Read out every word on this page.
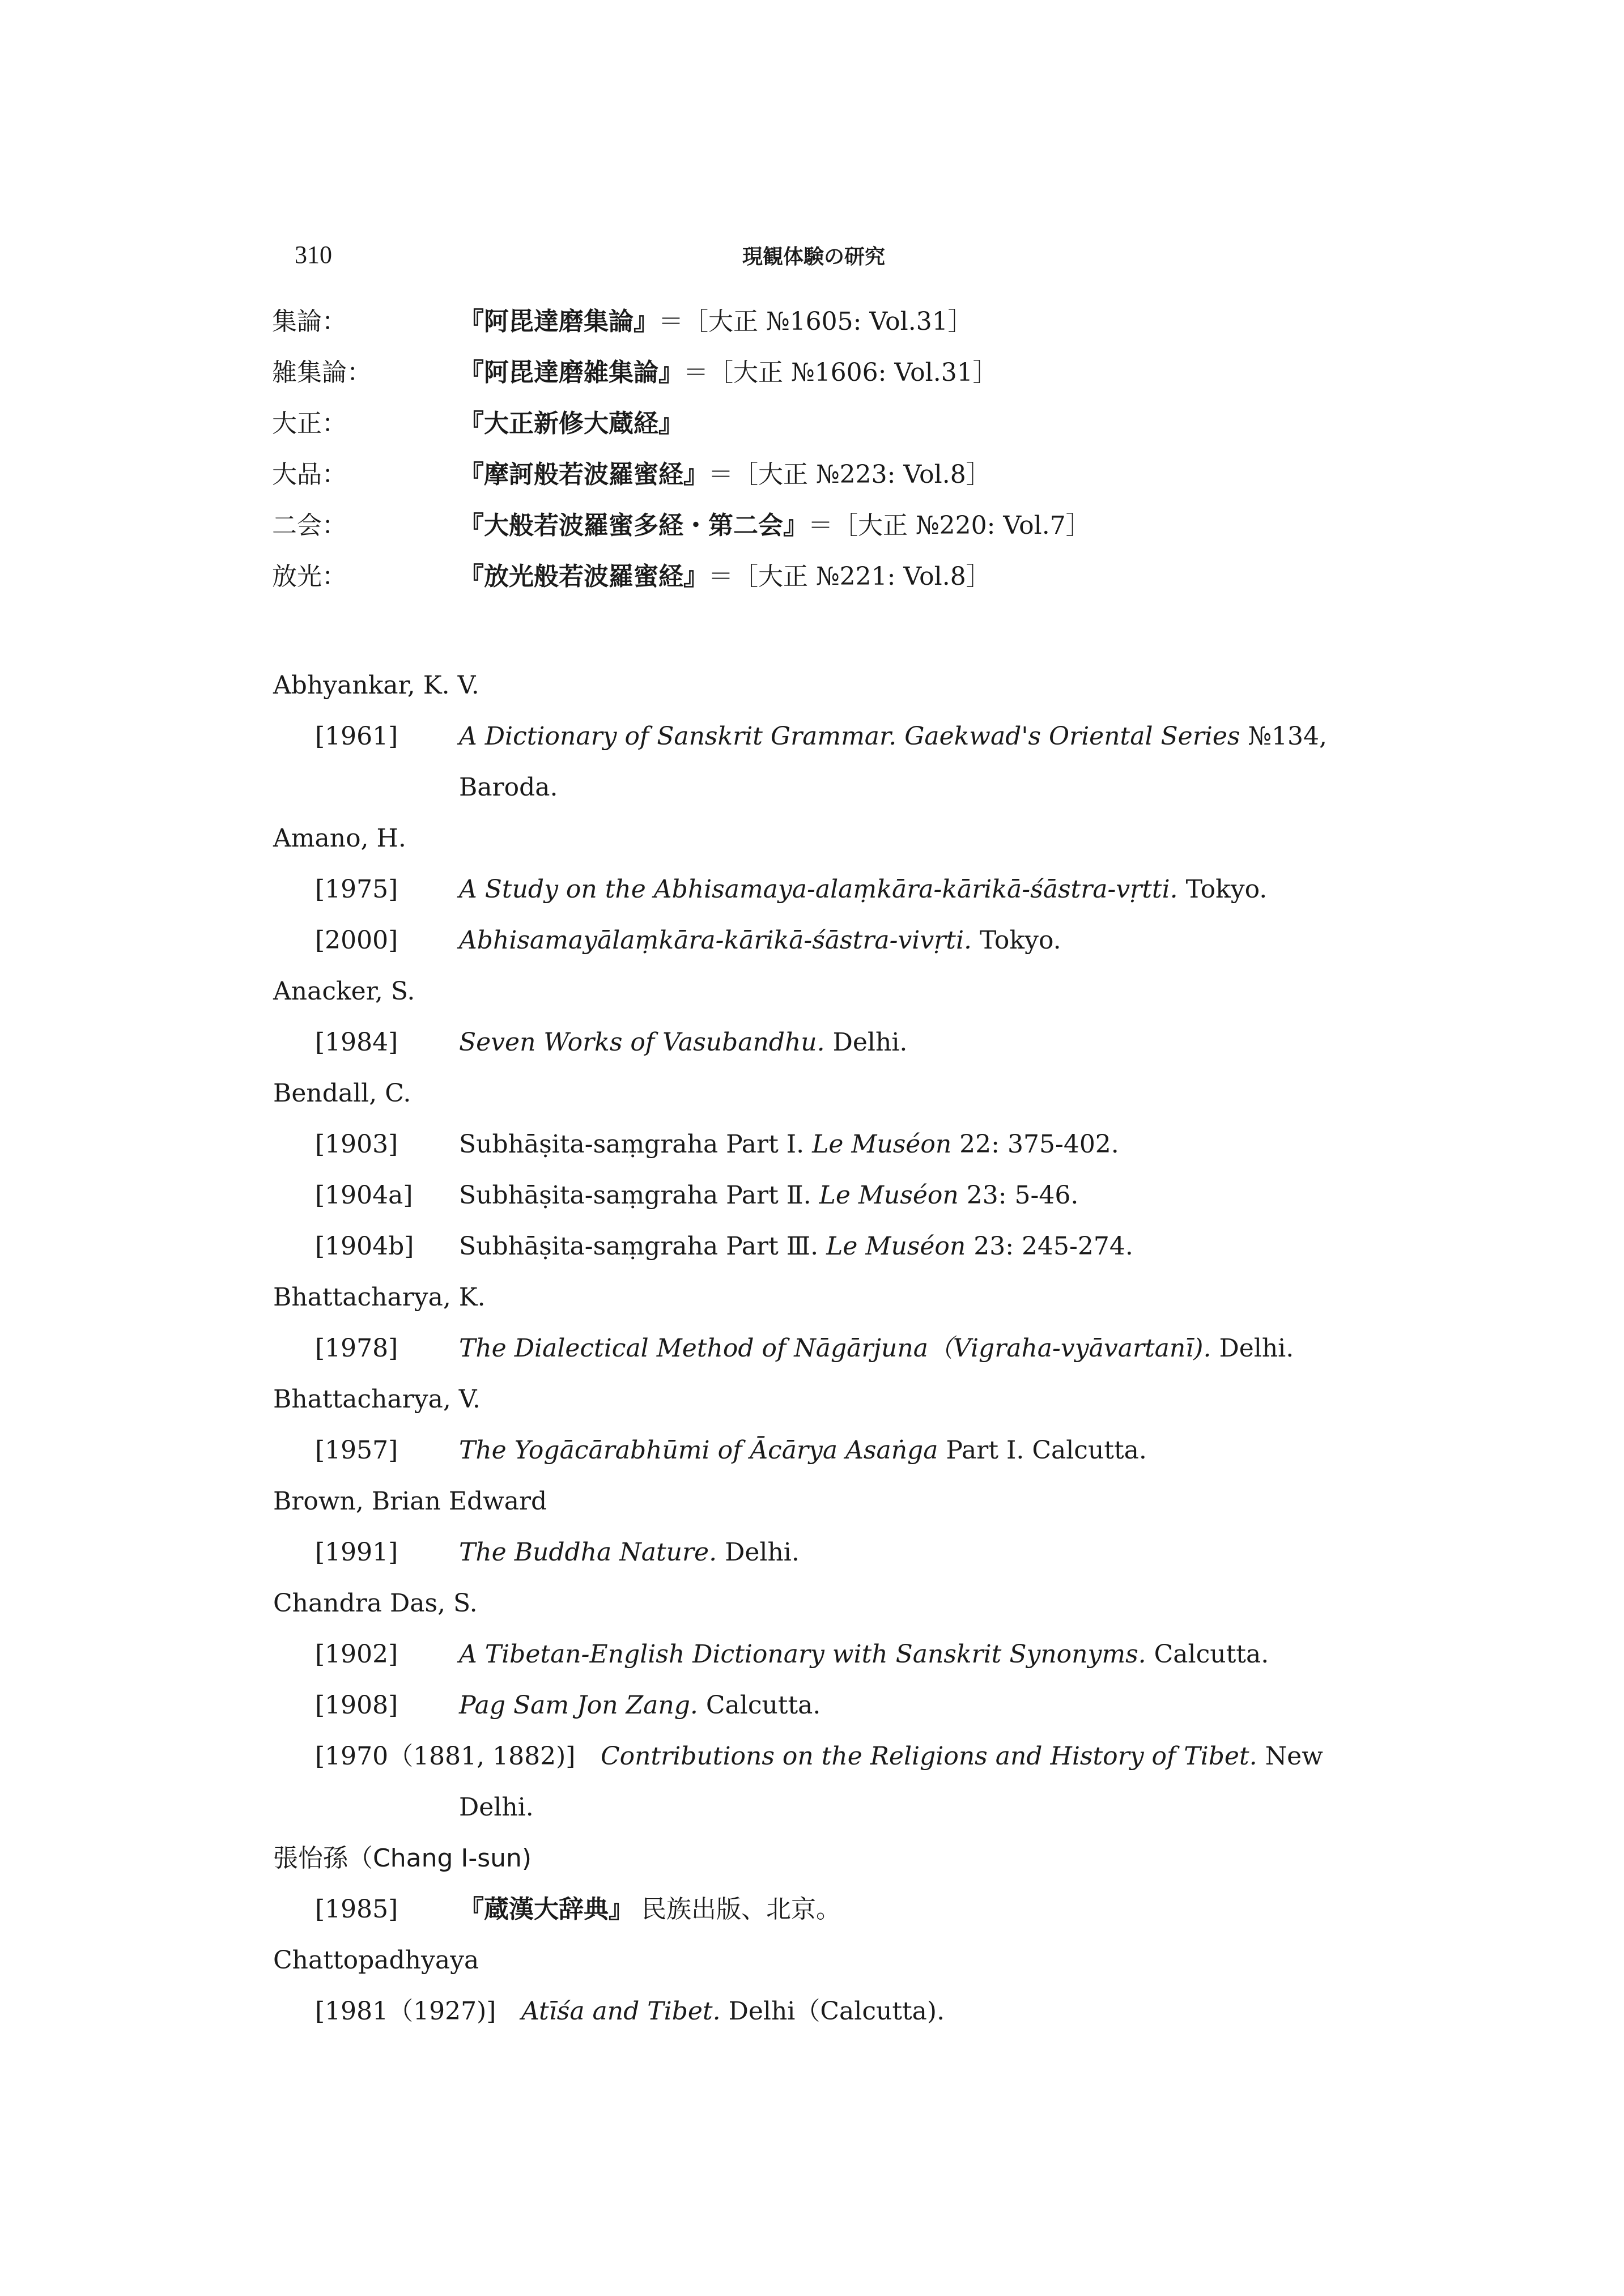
310	現観体験の研究
集論：	『阿毘達磨集論』＝［大正 №1605: Vol.31］
雑集論：	『阿毘達磨雑集論』＝［大正 №1606: Vol.31］
大正：	『大正新修大蔵経』
大品：	『摩訶般若波羅蜜経』＝［大正 №223: Vol.8］
二会：	『大般若波羅蜜多経・第二会』＝［大正 №220: Vol.7］
放光：	『放光般若波羅蜜経』＝［大正 №221: Vol.8］
Abhyankar, K. V.
[1961] A Dictionary of Sanskrit Grammar. Gaekwad's Oriental Series №134,
Baroda.
Amano, H.
[1975] A Study on the Abhisamaya-alaṃkāra-kārikā-śāstra-vṛtti. Tokyo.
[2000] Abhisamayālaṃkāra-kārikā-śāstra-vivṛti. Tokyo.
Anacker, S.
[1984] Seven Works of Vasubandhu. Delhi.
Bendall, C.
[1903] Subhāṣita-saṃgraha Part Ⅰ. Le Muséon 22: 375-402.
[1904a] Subhāṣita-saṃgraha Part Ⅱ. Le Muséon 23: 5-46.
[1904b] Subhāṣita-saṃgraha Part Ⅲ. Le Muséon 23: 245-274.
Bhattacharya, K.
[1978] The Dialectical Method of Nāgārjuna（Vigraha-vyāvartanī). Delhi.
Bhattacharya, V.
[1957] The Yogācārabhūmi of Ācārya Asaṅga Part Ⅰ. Calcutta.
Brown, Brian Edward
[1991] The Buddha Nature. Delhi.
Chandra Das, S.
[1902] A Tibetan-English Dictionary with Sanskrit Synonyms. Calcutta.
[1908] Pag Sam Jon Zang. Calcutta.
[1970（1881, 1882)] Contributions on the Religions and History of Tibet. New
Delhi.
張怡孫（Chang I-sun)
[1985] 『蔵漢大辞典』 民族出版、北京。
Chattopadhyaya
[1981（1927)] Atīśa and Tibet. Delhi（Calcutta).
